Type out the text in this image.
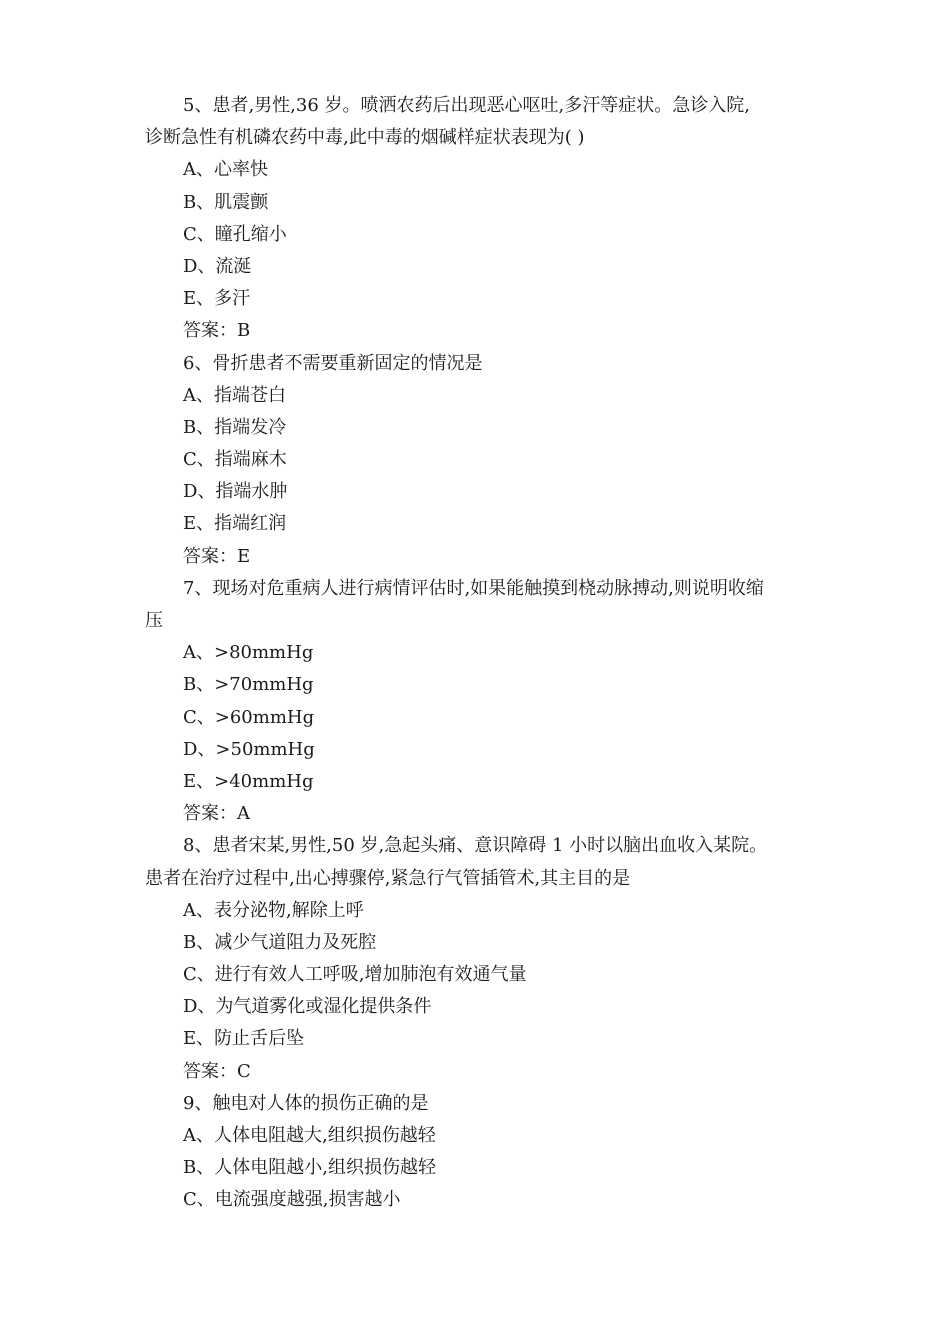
5、患者,男性,36 岁。喷洒农药后出现恶心呕吐,多汗等症状。急诊入院,
诊断急性有机磷农药中毒,此中毒的烟碱样症状表现为( )
A、心率快
B、肌震颤
C、瞳孔缩小
D、流涎
E、多汗
答案：B
6、骨折患者不需要重新固定的情况是
A、指端苍白
B、指端发冷
C、指端麻木
D、指端水肿
E、指端红润
答案：E
7、现场对危重病人进行病情评估时,如果能触摸到桡动脉搏动,则说明收缩
压
A、>80mmHg
B、>70mmHg
C、>60mmHg
D、>50mmHg
E、>40mmHg
答案：A
8、患者宋某,男性,50 岁,急起头痛、意识障碍 1 小时以脑出血收入某院。
患者在治疗过程中,出心搏骤停,紧急行气管插管术,其主目的是
A、表分泌物,解除上呼
B、减少气道阻力及死腔
C、进行有效人工呼吸,增加肺泡有效通气量
D、为气道雾化或湿化提供条件
E、防止舌后坠
答案：C
9、触电对人体的损伤正确的是
A、人体电阻越大,组织损伤越轻
B、人体电阻越小,组织损伤越轻
C、电流强度越强,损害越小
